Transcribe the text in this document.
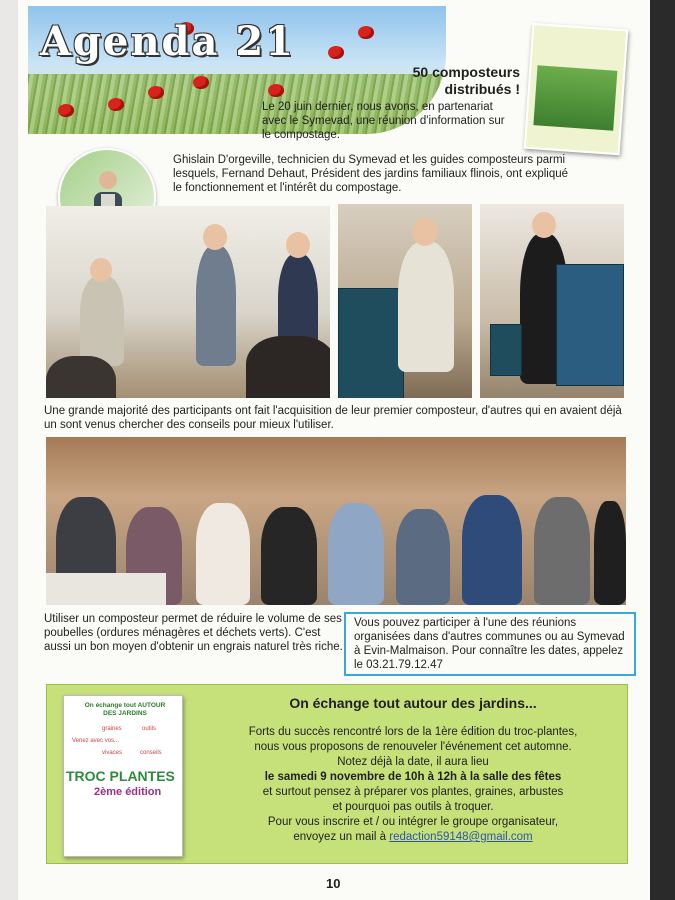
Agenda 21
50 composteurs distribués !
Le 20 juin dernier, nous avons, en partenariat avec le Symevad, une réunion d'information sur le compostage.
Ghislain D'orgeville, technicien du Symevad et les guides composteurs parmi lesquels, Fernand Dehaut, Président des jardins familiaux flinois, ont expliqué le fonctionnement et l'intérêt du compostage.
Une grande majorité des participants ont fait l'acquisition de leur premier composteur, d'autres qui en avaient déjà un sont venus chercher des conseils pour mieux l'utiliser.
Utiliser un composteur permet de réduire le volume de ses poubelles (ordures ménagères et déchets verts). C'est aussi un bon moyen d'obtenir un engrais naturel très riche.
Vous pouvez participer à l'une des réunions organisées dans d'autres communes ou au Symevad à Evin-Malmaison. Pour connaître les dates, appelez le 03.21.79.12.47
On échange tout AUTOUR DES JARDINS
graines	outils
Venez avec vos...
vivaces	conseils
TROC PLANTES
2ème édition
On échange tout autour des jardins...
Forts du succès rencontré lors de la 1ère édition du troc-plantes,
nous vous proposons de renouveler l'événement cet automne.
Notez déjà la date, il aura lieu
le samedi 9 novembre de 10h à 12h à la salle des fêtes
et surtout pensez à préparer vos plantes, graines, arbustes
et pourquoi pas outils à troquer.
Pour vous inscrire et / ou intégrer le groupe organisateur,
envoyez un mail à redaction59148@gmail.com
10
